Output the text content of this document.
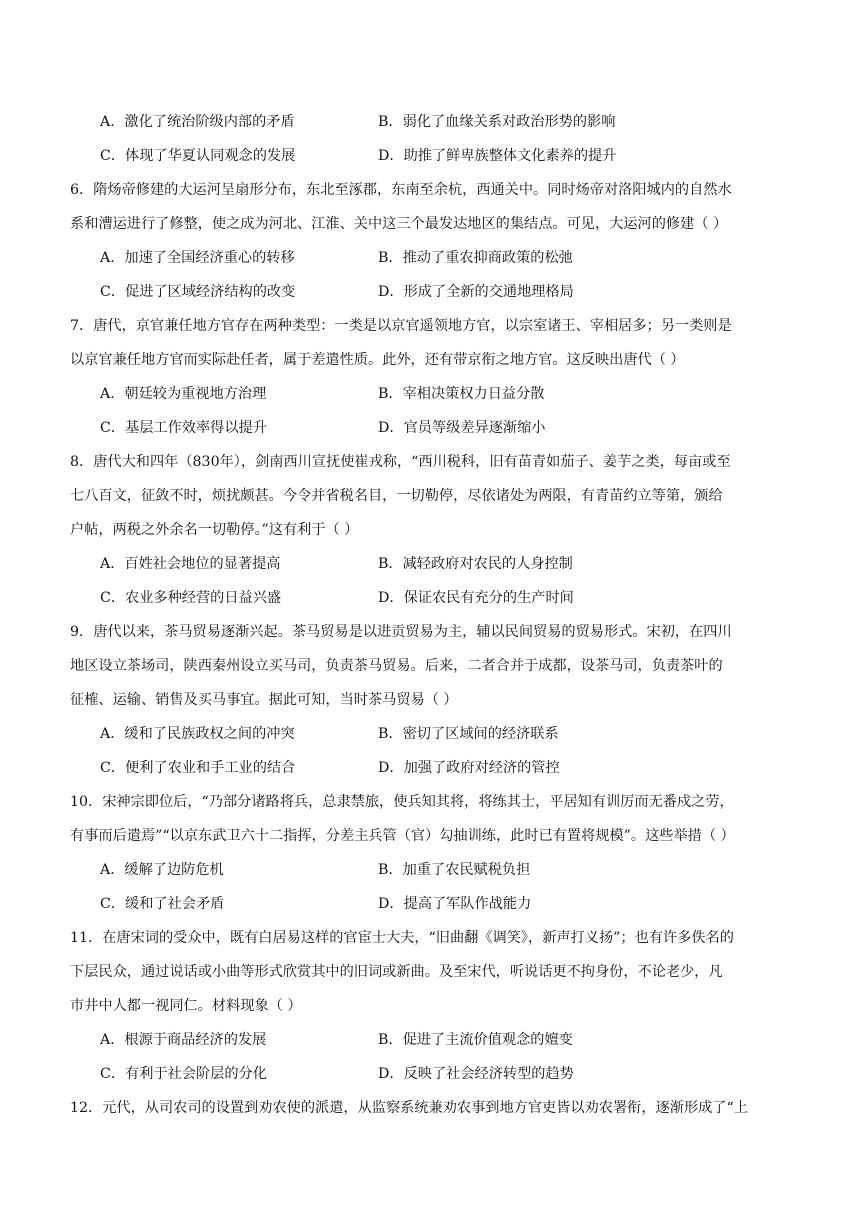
A．激化了统治阶级内部的矛盾	B．弱化了血缘关系对政治形势的影响
C．体现了华夏认同观念的发展	D．助推了鲜卑族整体文化素养的提升
6．隋炀帝修建的大运河呈扇形分布，东北至涿郡，东南至余杭，西通关中。同时炀帝对洛阳城内的自然水
系和漕运进行了修整，使之成为河北、江淮、关中这三个最发达地区的集结点。可见，大运河的修建（ ）
A．加速了全国经济重心的转移	B．推动了重农抑商政策的松弛
C．促进了区域经济结构的改变	D．形成了全新的交通地理格局
7．唐代，京官兼任地方官存在两种类型：一类是以京官遥领地方官，以宗室诸王、宰相居多；另一类则是
以京官兼任地方官而实际赴任者，属于差遣性质。此外，还有带京衔之地方官。这反映出唐代（ ）
A．朝廷较为重视地方治理	B．宰相决策权力日益分散
C．基层工作效率得以提升	D．官员等级差异逐渐缩小
8．唐代大和四年（830年），剑南西川宣抚使崔戎称，“西川税科，旧有苗青如茄子、姜芋之类，每亩或至
七八百文，征敛不时，烦扰颇甚。今令并省税名目，一切勒停，尽依诸处为两限，有青苗约立等第，颁给
户帖，两税之外余名一切勒停。”这有利于（ ）
A．百姓社会地位的显著提高	B．减轻政府对农民的人身控制
C．农业多种经营的日益兴盛	D．保证农民有充分的生产时间
9．唐代以来，茶马贸易逐渐兴起。茶马贸易是以进贡贸易为主，辅以民间贸易的贸易形式。宋初，在四川
地区设立茶场司，陕西秦州设立买马司，负责茶马贸易。后来，二者合并于成都，设茶马司，负责茶叶的
征榷、运输、销售及买马事宜。据此可知，当时茶马贸易（ ）
A．缓和了民族政权之间的冲突	B．密切了区域间的经济联系
C．便利了农业和手工业的结合	D．加强了政府对经济的管控
10．宋神宗即位后，“乃部分诸路将兵，总隶禁旅，使兵知其将，将练其士，平居知有训厉而无番戍之劳，
有事而后遣焉”“以京东武卫六十二指挥，分差主兵管（官）勾抽训练，此时已有置将规模”。这些举措（ ）
A．缓解了边防危机	B．加重了农民赋税负担
C．缓和了社会矛盾	D．提高了军队作战能力
11．在唐宋词的受众中，既有白居易这样的官宦士大夫，“旧曲翻《调笑》，新声打义扬”；也有许多佚名的
下层民众，通过说话或小曲等形式欣赏其中的旧词或新曲。及至宋代，听说话更不拘身份，不论老少，凡
市井中人都一视同仁。材料现象（ ）
A．根源于商品经济的发展	B．促进了主流价值观念的嬗变
C．有利于社会阶层的分化	D．反映了社会经济转型的趋势
12．元代，从司农司的设置到劝农使的派遣，从监察系统兼劝农事到地方官吏皆以劝农署衔，逐渐形成了“上
